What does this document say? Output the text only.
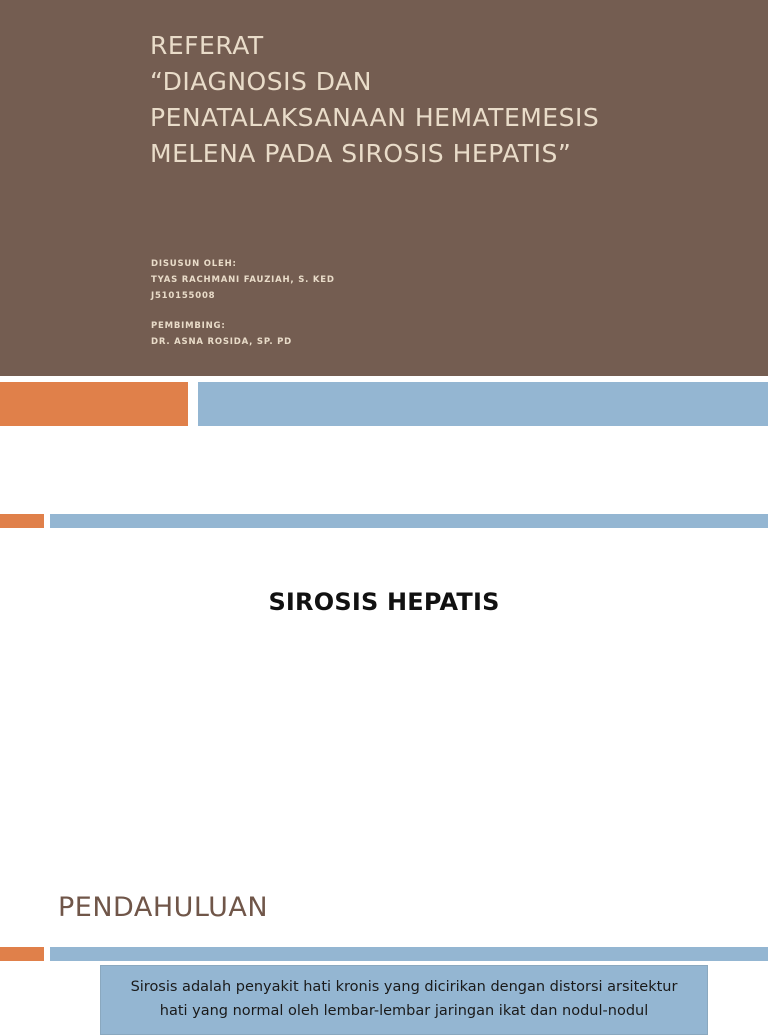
REFERAT
“DIAGNOSIS DAN
PENATALAKSANAAN HEMATEMESIS
MELENA PADA SIROSIS HEPATIS”
DISUSUN OLEH:
TYAS RACHMANI FAUZIAH, S. KED
J510155008
PEMBIMBING:
DR. ASNA ROSIDA, SP. PD
SIROSIS HEPATIS
PENDAHULUAN
Sirosis adalah penyakit hati kronis yang dicirikan dengan distorsi arsitektur
hati yang normal oleh lembar-lembar jaringan ikat dan nodul-nodul
